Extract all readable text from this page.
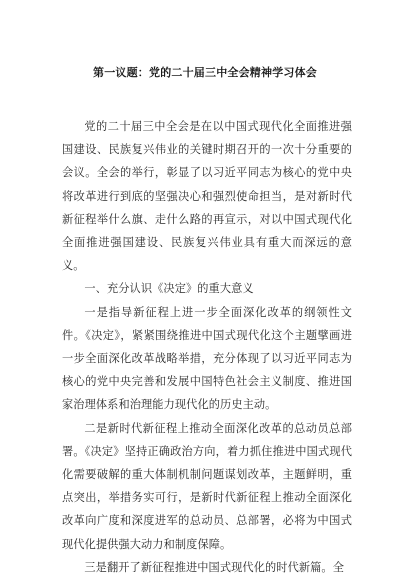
第一议题：党的二十届三中全会精神学习体会

党的二十届三中全会是在以中国式现代化全面推进强国建设、民族复兴伟业的关键时期召开的一次十分重要的会议。全会的举行，彰显了以习近平同志为核心的党中央将改革进行到底的坚强决心和强烈使命担当，是对新时代新征程举什么旗、走什么路的再宣示，对以中国式现代化全面推进强国建设、民族复兴伟业具有重大而深远的意义。

一、充分认识《决定》的重大意义

一是指导新征程上进一步全面深化改革的纲领性文件。《决定》，紧紧围绕推进中国式现代化这个主题擘画进一步全面深化改革战略举措，充分体现了以习近平同志为核心的党中央完善和发展中国特色社会主义制度、推进国家治理体系和治理能力现代化的历史主动。

二是新时代新征程上推动全面深化改革的总动员总部署。《决定》坚持正确政治方向，着力抓住推进中国式现代化需要破解的重大体制机制问题谋划改革，主题鲜明，重点突出，举措务实可行，是新时代新征程上推动全面深化改革向广度和深度进军的总动员、总部署，必将为中国式现代化提供强大动力和制度保障。

三是翻开了新征程推进中国式现代化的时代新篇。全
